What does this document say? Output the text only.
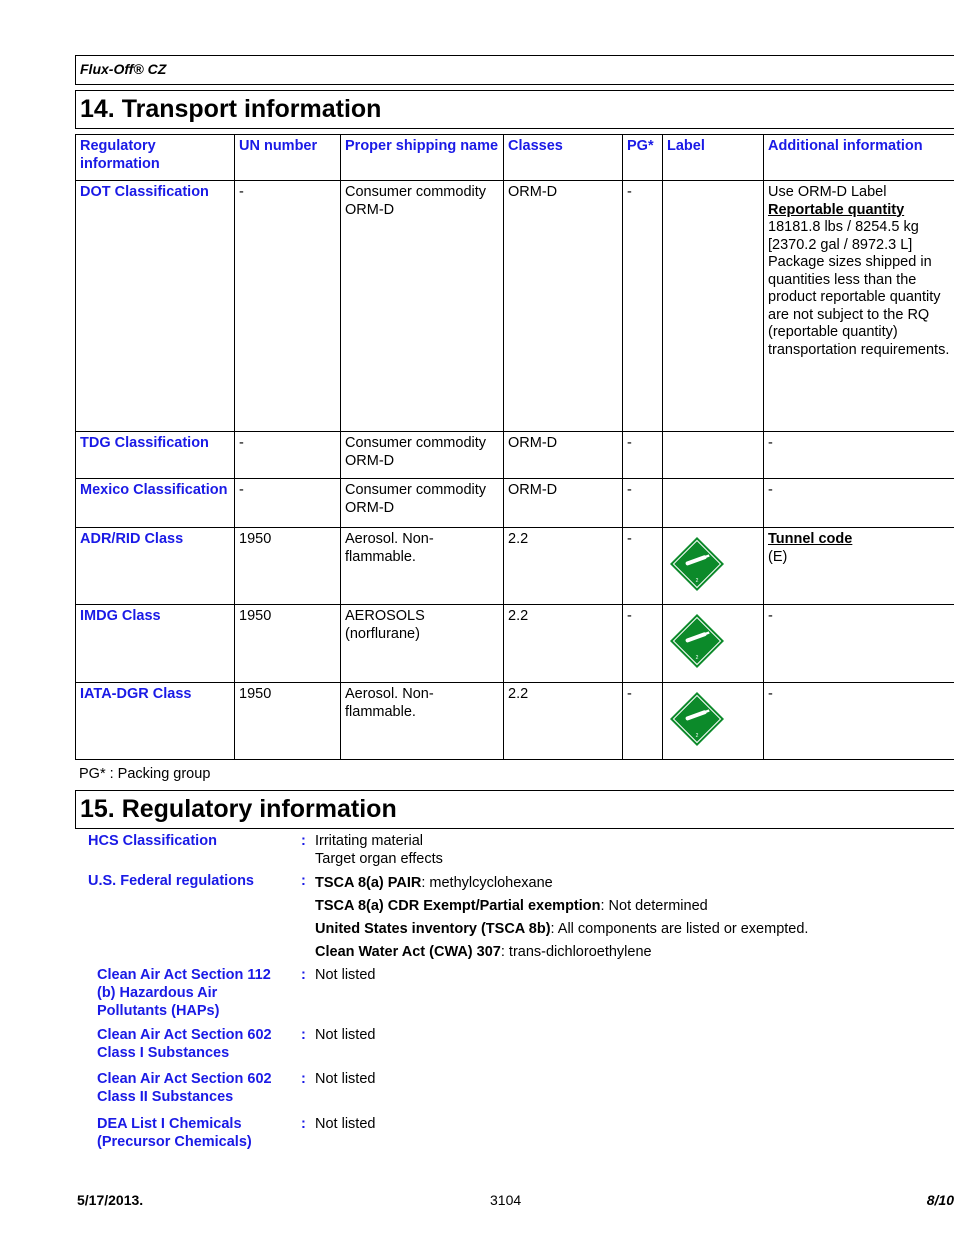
Flux-Off® CZ
14. Transport information
Regulatory information	UN number	Proper shipping name	Classes	PG*	Label	Additional information
DOT Classification	-	Consumer commodity ORM-D	ORM-D	-		Use ORM-D Label
Reportable quantity
18181.8 lbs / 8254.5 kg [2370.2 gal / 8972.3 L]
Package sizes shipped in quantities less than the product reportable quantity are not subject to the RQ (reportable quantity) transportation requirements.

TDG Classification	-	Consumer commodity ORM-D	ORM-D	-		-
Mexico Classification	-	Consumer commodity ORM-D	ORM-D	-		-
ADR/RID Class	1950	Aerosol. Non-flammable.	2.2	-	2	Tunnel code
(E)

IMDG Class	1950	AEROSOLS (norflurane)	2.2	-	2	-
IATA-DGR Class	1950	Aerosol. Non-flammable.	2.2	-	2	-
PG* : Packing group
15. Regulatory information
HCS Classification	: Irritating material
Target organ effects
U.S. Federal regulations	: TSCA 8(a) PAIR: methylcyclohexane
TSCA 8(a) CDR Exempt/Partial exemption: Not determined
United States inventory (TSCA 8b): All components are listed or exempted.
Clean Water Act (CWA) 307: trans-dichloroethylene
Clean Air Act Section 112
(b) Hazardous Air
Pollutants (HAPs)
: Not listed
Clean Air Act Section 602
Class I Substances
: Not listed
Clean Air Act Section 602
Class II Substances
: Not listed
DEA List I Chemicals
(Precursor Chemicals)
: Not listed
5/17/2013.	3104	8/10
